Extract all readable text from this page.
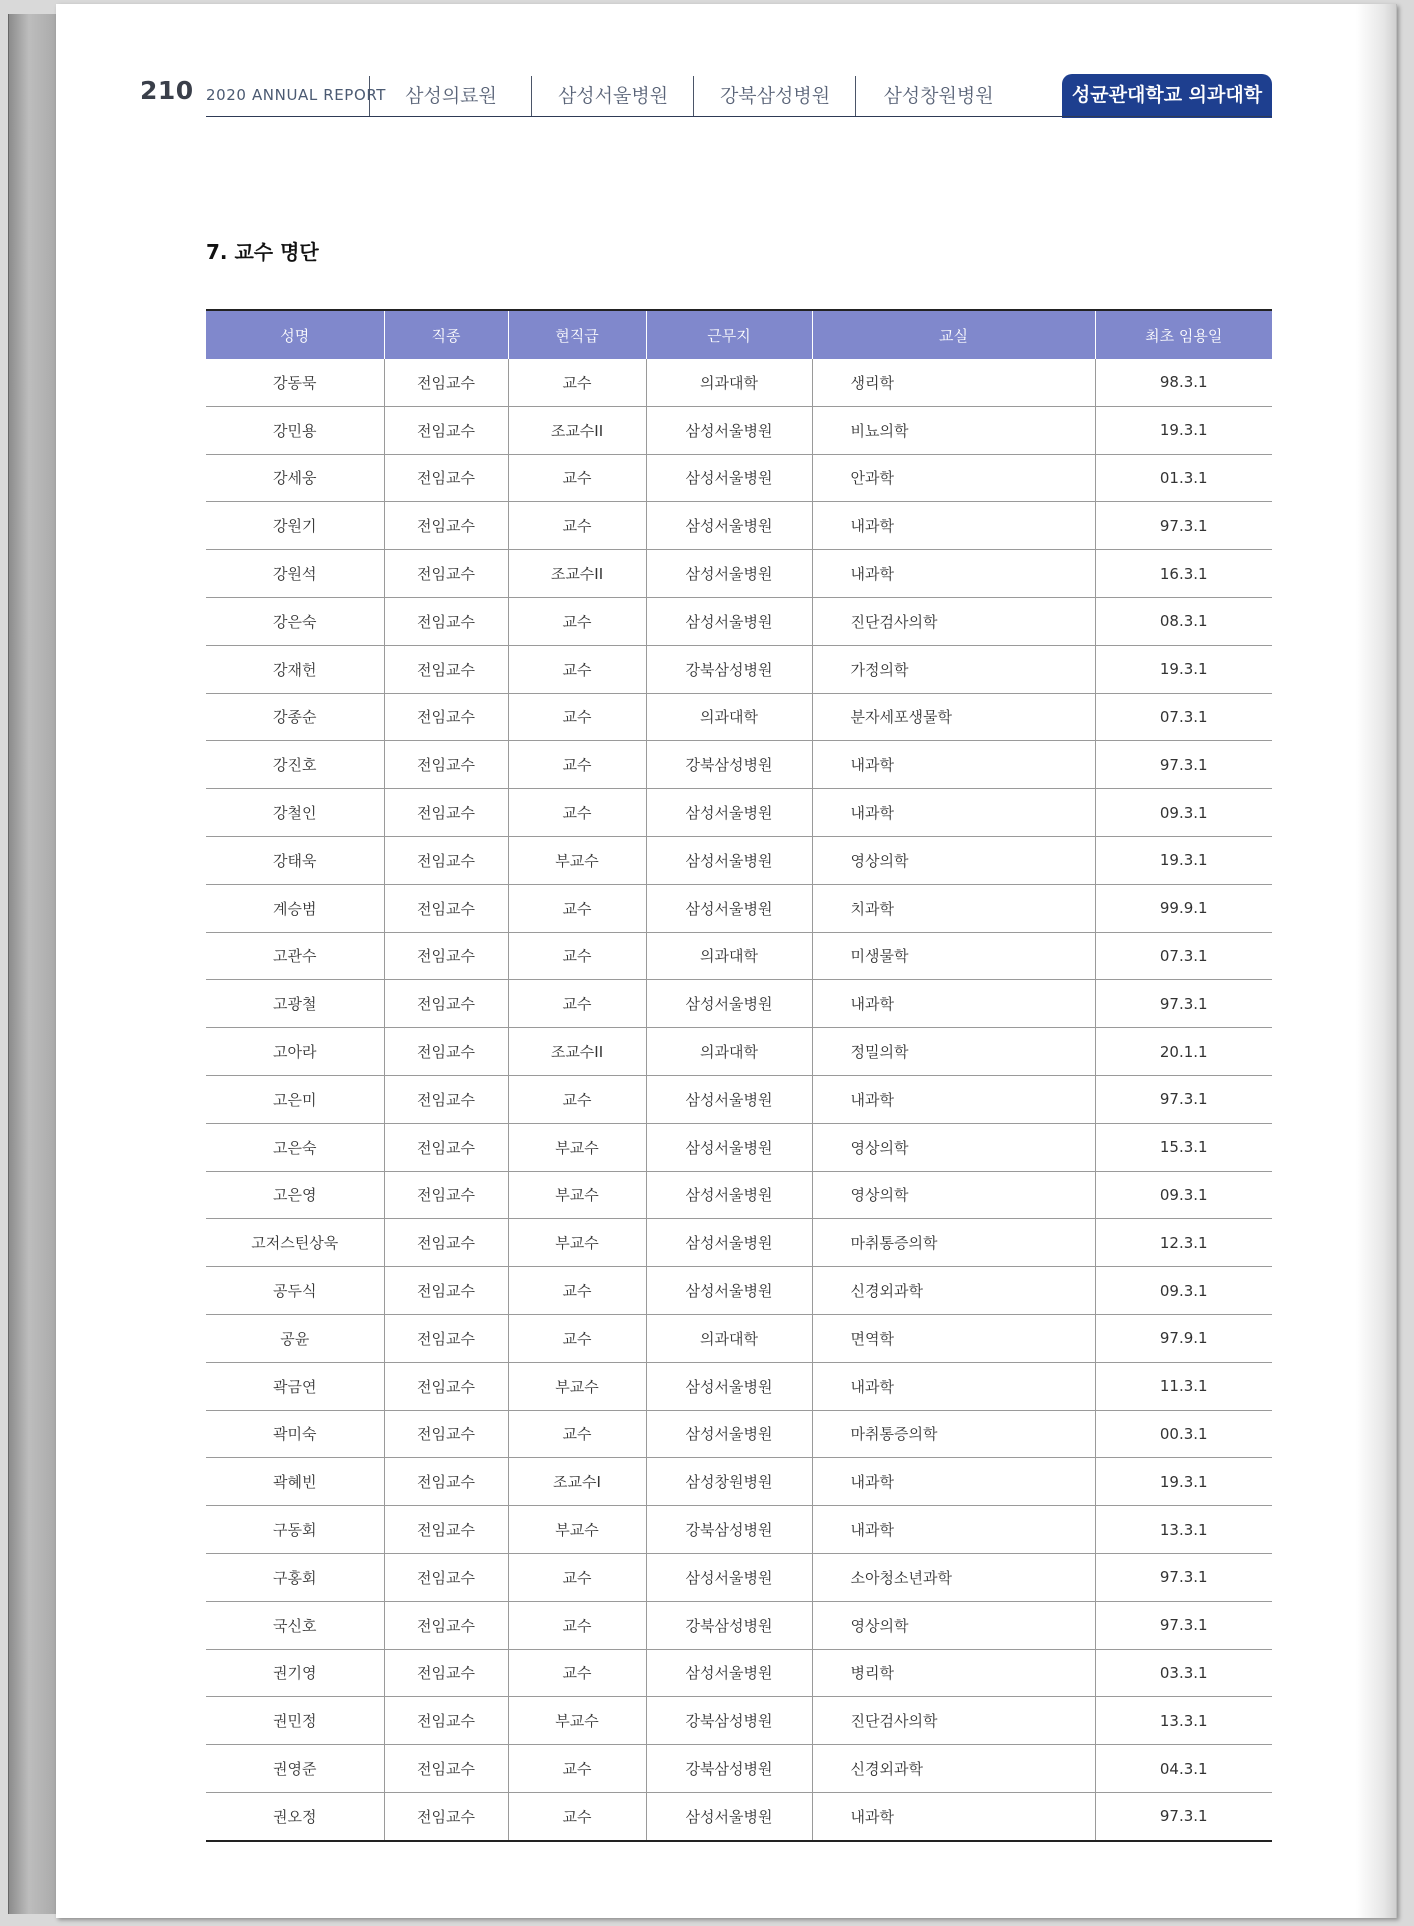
210 2020 ANNUAL REPORT	삼성의료원	삼성서울병원	강북삼성병원	삼성창원병원	성균관대학교 의과대학
7. 교수 명단
성명	직종	현직급	근무지	교실	최초 임용일
강동묵	전임교수	교수	의과대학	생리학	98.3.1
강민용	전임교수	조교수II	삼성서울병원	비뇨의학	19.3.1
강세웅	전임교수	교수	삼성서울병원	안과학	01.3.1
강원기	전임교수	교수	삼성서울병원	내과학	97.3.1
강원석	전임교수	조교수II	삼성서울병원	내과학	16.3.1
강은숙	전임교수	교수	삼성서울병원	진단검사의학	08.3.1
강재헌	전임교수	교수	강북삼성병원	가정의학	19.3.1
강종순	전임교수	교수	의과대학	분자세포생물학	07.3.1
강진호	전임교수	교수	강북삼성병원	내과학	97.3.1
강철인	전임교수	교수	삼성서울병원	내과학	09.3.1
강태욱	전임교수	부교수	삼성서울병원	영상의학	19.3.1
계승범	전임교수	교수	삼성서울병원	치과학	99.9.1
고관수	전임교수	교수	의과대학	미생물학	07.3.1
고광철	전임교수	교수	삼성서울병원	내과학	97.3.1
고아라	전임교수	조교수II	의과대학	정밀의학	20.1.1
고은미	전임교수	교수	삼성서울병원	내과학	97.3.1
고은숙	전임교수	부교수	삼성서울병원	영상의학	15.3.1
고은영	전임교수	부교수	삼성서울병원	영상의학	09.3.1
고저스틴상욱	전임교수	부교수	삼성서울병원	마취통증의학	12.3.1
공두식	전임교수	교수	삼성서울병원	신경외과학	09.3.1
공윤	전임교수	교수	의과대학	면역학	97.9.1
곽금연	전임교수	부교수	삼성서울병원	내과학	11.3.1
곽미숙	전임교수	교수	삼성서울병원	마취통증의학	00.3.1
곽혜빈	전임교수	조교수I	삼성창원병원	내과학	19.3.1
구동회	전임교수	부교수	강북삼성병원	내과학	13.3.1
구홍회	전임교수	교수	삼성서울병원	소아청소년과학	97.3.1
국신호	전임교수	교수	강북삼성병원	영상의학	97.3.1
권기영	전임교수	교수	삼성서울병원	병리학	03.3.1
권민정	전임교수	부교수	강북삼성병원	진단검사의학	13.3.1
권영준	전임교수	교수	강북삼성병원	신경외과학	04.3.1
권오정	전임교수	교수	삼성서울병원	내과학	97.3.1
